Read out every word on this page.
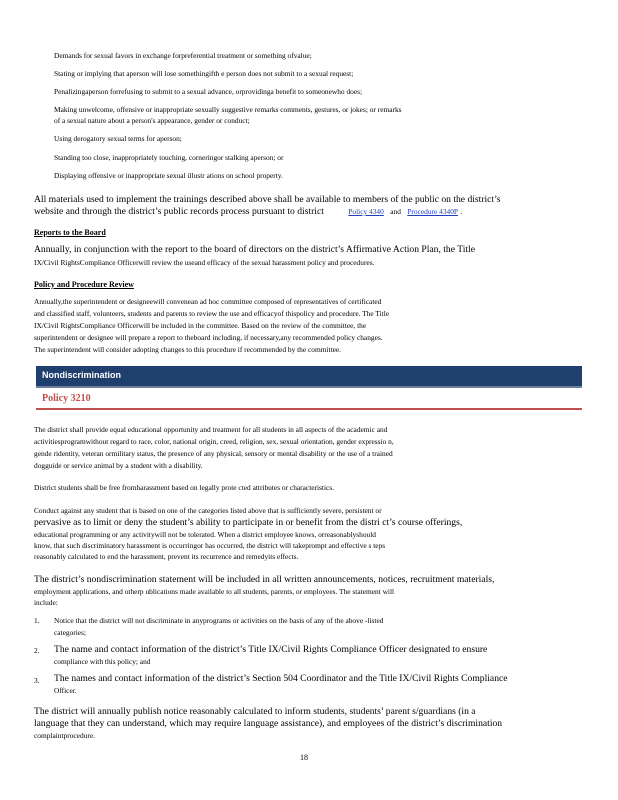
Demands for sexual favors in exchange forpreferential treatment or something ofvalue;
Stating or implying that aperson will lose somethingifth e person does not submit to a sexual request;
Penalizingaperson forrefusing to submit to a sexual advance, orprovidinga benefit to someonewho does;
Making unwelcome, offensive or inappropriate sexually suggestive remarks comments, gestures, or jokes; or remarks
of a sexual nature about a person's appearance, gender or conduct;
Using derogatory sexual terms for aperson;
Standing too close, inappropriately touching, corneringor stalking aperson; or
Displaying offensive or inappropriate sexual illustr ations on school property.
All materials used to implement the trainings described above shall be available to members of the public on the district’s
website and through the district’s public records process pursuant to district	Policy 4340 and Procedure 4340P .
Reports to the Board
Annually, in conjunction with the report to the board of directors on the district’s Affirmative Action Plan, the Title
IX/Civil RightsCompliance Officerwill review the useand efficacy of the sexual harassment policy and procedures.
Policy and Procedure Review
Annually,the superintendent or designeewill convenean ad hoc committee composed of representatives of certificated
and classified staff, volunteers, students and parents to review the use and efficacyof thispolicy and procedure. The Title
IX/Civil RightsCompliance Officerwill be included in the committee. Based on the review of the committee, the
superintendent or designee will prepare a report to theboard including, if necessary,any recommended policy changes.
The superintendent will consider adopting changes to this procedure if recommended by the committee.
Nondiscrimination
Policy 3210
The district shall provide equal educational opportunity and treatment for all students in all aspects of the academic and
activitiesprogramwithout regard to race, color, national origin, creed, religion, sex, sexual orientation, gender expressio n,
gende ridentity, veteran ormilitary status, the presence of any physical, sensory or mental disability or the use of a trained
dogguide or service animal by a student with a disability.
District students shall be free fromharassment based on legally prote cted attributes or characteristics.
Conduct against any student that is based on one of the categories listed above that is sufficiently severe, persistent or
pervasive as to limit or deny the student’s ability to participate in or benefit from the distri ct’s course offerings,
educational programming or any activitywill not be tolerated. When a district employee knows, orreasonablyshould
know, that such discriminatory harassment is occurringor has occurred, the district will takeprompt and effective s teps
reasonably calculated to end the harassment, prevent its recurrence and remedyits effects.
The district’s nondiscrimination statement will be included in all written announcements, notices, recruitment materials,
employment applications, and otherp ublications made available to all students, parents, or employees. The statement will
include:
1. Notice that the district will not discriminate in anyprograms or activities on the basis of any of the above -listed
categories;
2. The name and contact information of the district’s Title IX/Civil Rights Compliance Officer designated to ensure
compliance with this policy; and
3. The names and contact information of the district’s Section 504 Coordinator and the Title IX/Civil Rights Compliance
Officer.
The district will annually publish notice reasonably calculated to inform students, students’ parent s/guardians (in a
language that they can understand, which may require language assistance), and employees of the district’s discrimination
complaintprocedure.
18
